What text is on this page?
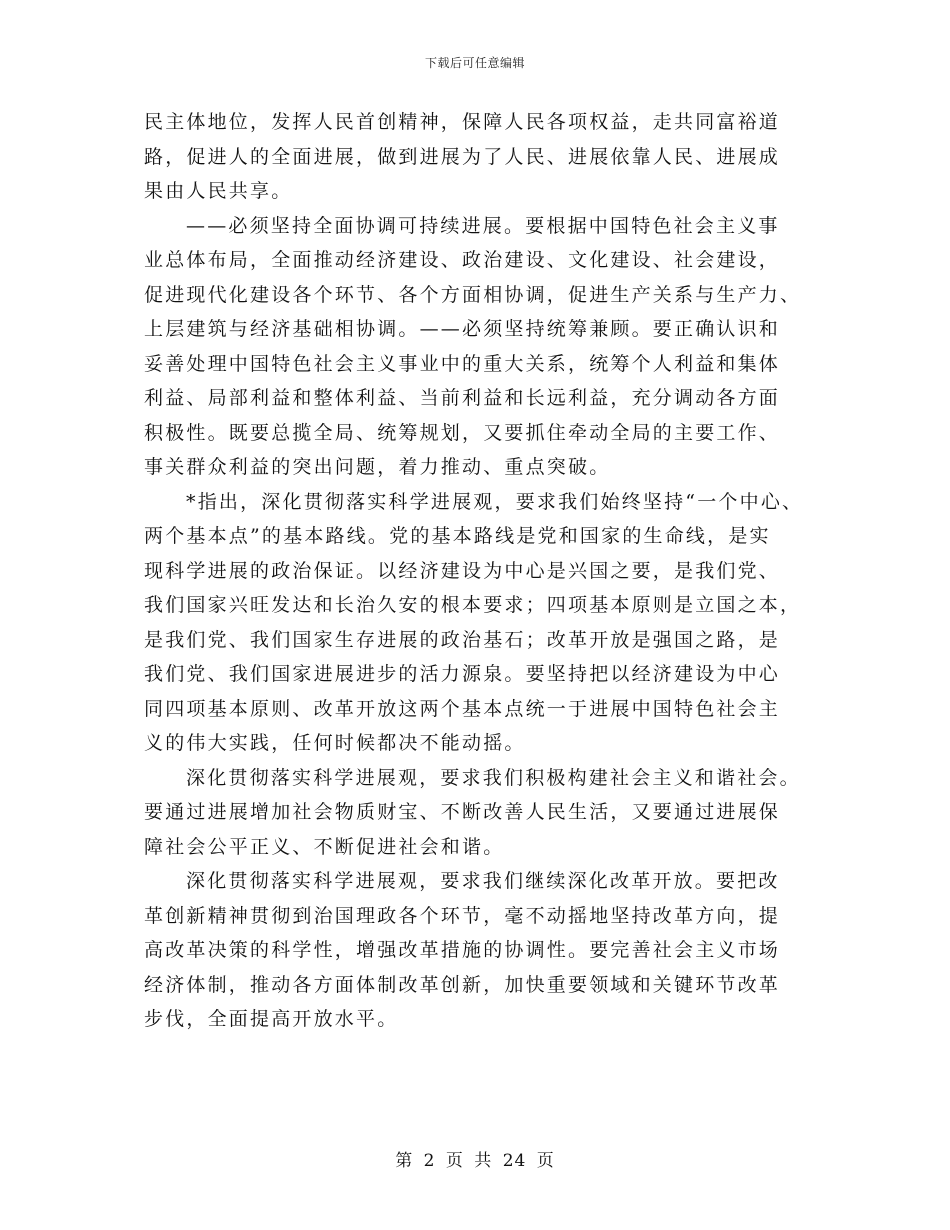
下载后可任意编辑
民主体地位，发挥人民首创精神，保障人民各项权益，走共同富裕道
路，促进人的全面进展，做到进展为了人民、进展依靠人民、进展成
果由人民共享。
——必须坚持全面协调可持续进展。要根据中国特色社会主义事
业总体布局，全面推动经济建设、政治建设、文化建设、社会建设，
促进现代化建设各个环节、各个方面相协调，促进生产关系与生产力、
上层建筑与经济基础相协调。——必须坚持统筹兼顾。要正确认识和
妥善处理中国特色社会主义事业中的重大关系，统筹个人利益和集体
利益、局部利益和整体利益、当前利益和长远利益，充分调动各方面
积极性。既要总揽全局、统筹规划，又要抓住牵动全局的主要工作、
事关群众利益的突出问题，着力推动、重点突破。
*指出，深化贯彻落实科学进展观，要求我们始终坚持“一个中心、
两个基本点”的基本路线。党的基本路线是党和国家的生命线，是实
现科学进展的政治保证。以经济建设为中心是兴国之要，是我们党、
我们国家兴旺发达和长治久安的根本要求；四项基本原则是立国之本，
是我们党、我们国家生存进展的政治基石；改革开放是强国之路，是
我们党、我们国家进展进步的活力源泉。要坚持把以经济建设为中心
同四项基本原则、改革开放这两个基本点统一于进展中国特色社会主
义的伟大实践，任何时候都决不能动摇。
深化贯彻落实科学进展观，要求我们积极构建社会主义和谐社会。
要通过进展增加社会物质财宝、不断改善人民生活，又要通过进展保
障社会公平正义、不断促进社会和谐。
深化贯彻落实科学进展观，要求我们继续深化改革开放。要把改
革创新精神贯彻到治国理政各个环节，毫不动摇地坚持改革方向，提
高改革决策的科学性，增强改革措施的协调性。要完善社会主义市场
经济体制，推动各方面体制改革创新，加快重要领域和关键环节改革
步伐，全面提高开放水平。
第 2 页 共 24 页
